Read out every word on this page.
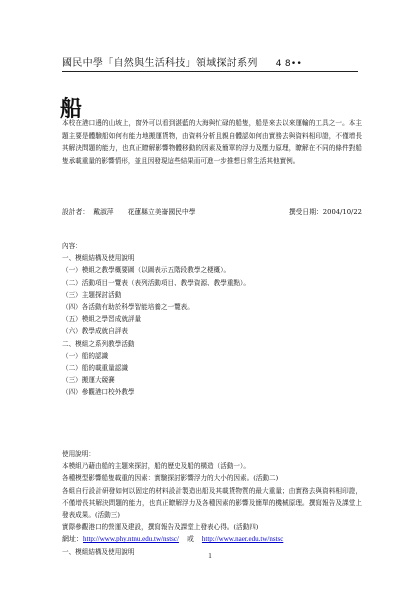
國民中學「自然與生活科技」領域探討系列 4 8••
船
本校在港口邊的山坡上，窗外可以看到湛藍的大海與忙碌的船隻，船是來去以來運輸的工具之一。本主題主要是體驗船如何有能力地搬運貨物，由資料分析且親自體認如何由實務去與資料相印證，不僅增長其解決問題的能力，也真正瞭解影響物體移動的因素及簡單的浮力及壓力原理，瞭解在不同的條件對船隻承載重量的影響情形，並且因發現這些結果而可進一步推想日常生活其他實例。
設計者： 戴淑萍 花蓮縣立美崙國民中學	撰受日期：2004/10/22
內容：
一、模組結構及使用說明
（一）模組之教學概要圖（以圖表示五階段教學之梗概）。
（二）活動項目一覽表（表列活動項目、教學資源、教學重點）。
（三）主題探討活動
（四）各活動有助於科學智能培養之一覽表。
（五）模組之學習成就評量
（六）教學成就自評表
二、模組之系列教學活動
（一）船的認識
（二）船的載重量認識
（三）搬運大競賽
（四）參觀港口校外教學
使用說明：
本模組乃藉由船的主題來探討，船的歷史及船的構造（活動一）。
各種模型影響船隻載重的因素：實驗探討影響浮力的大小的因素。(活動二)
各組自行設計研發如何以固定的材料設計製造出船及其載貨物質的最大重量；由實務去與資料相印證，不僅增長其解決問題的能力，也真正瞭解浮力及各種因素的影響及簡單的機械原理。撰寫報告及課堂上發表成果。(活動三)
實際參觀港口的營運及建設，撰寫報告及課堂上發表心得。(活動四)
網址：http://www.phy.ntnu.edu.tw/nstsc/ 或 http://www.naer.edu.tw/nstsc
一、模組結構及使用說明
1
